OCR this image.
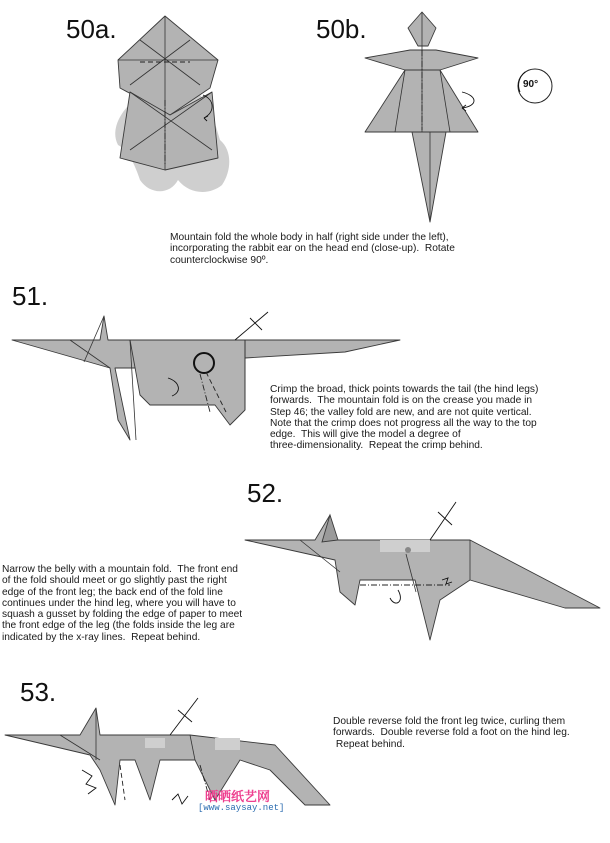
50a.	50b.
51.
52.
53.
Mountain fold the whole body in half (right side under the left),
incorporating the rabbit ear on the head end (close-up).  Rotate
counterclockwise 90º.
Crimp the broad, thick points towards the tail (the hind legs)
forwards.  The mountain fold is on the crease you made in
Step 46; the valley fold are new, and are not quite vertical.
Note that the crimp does not progress all the way to the top
edge.  This will give the model a degree of
three-dimensionality.  Repeat the crimp behind.
Narrow the belly with a mountain fold.  The front end
of the fold should meet or go slightly past the right
edge of the front leg; the back end of the fold line
continues under the hind leg, where you will have to
squash a gusset by folding the edge of paper to meet
the front edge of the leg (the folds inside the leg are
indicated by the x-ray lines.  Repeat behind.
Double reverse fold the front leg twice, curling them
forwards.  Double reverse fold a foot on the hind leg.
Repeat behind.
90°
晒晒纸艺网
[www.saysay.net]
